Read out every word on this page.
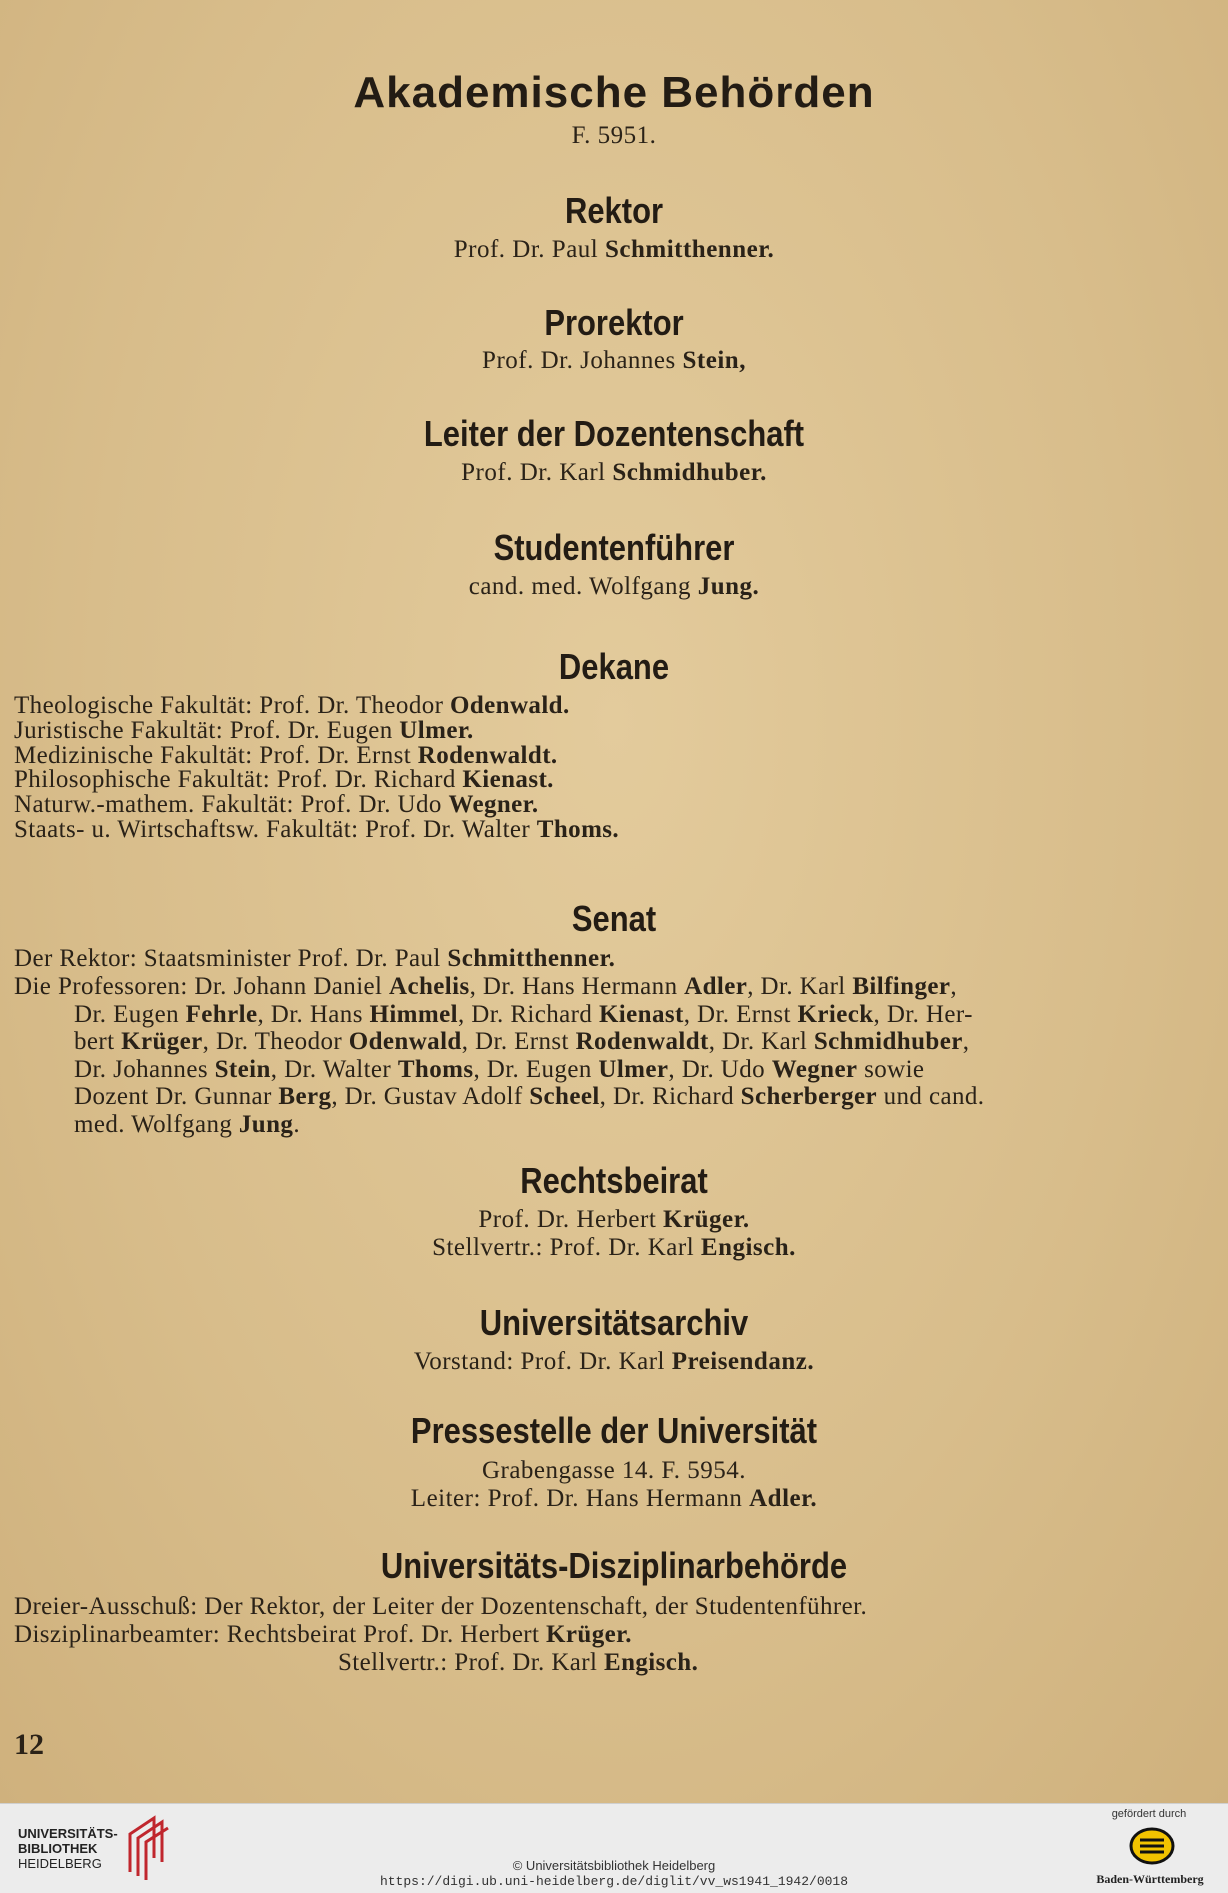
Akademische Behörden
F. 5951.
Rektor
Prof. Dr. Paul Schmitthenner.
Prorektor
Prof. Dr. Johannes Stein,
Leiter der Dozentenschaft
Prof. Dr. Karl Schmidhuber.
Studentenführer
cand. med. Wolfgang Jung.
Dekane
Theologische Fakultät: Prof. Dr. Theodor Odenwald.
Juristische Fakultät: Prof. Dr. Eugen Ulmer.
Medizinische Fakultät: Prof. Dr. Ernst Rodenwaldt.
Philosophische Fakultät: Prof. Dr. Richard Kienast.
Naturw.-mathem. Fakultät: Prof. Dr. Udo Wegner.
Staats- u. Wirtschaftsw. Fakultät: Prof. Dr. Walter Thoms.
Senat
Der Rektor: Staatsminister Prof. Dr. Paul Schmitthenner.
Die Professoren: Dr. Johann Daniel Achelis, Dr. Hans Hermann Adler, Dr. Karl Bilfinger,
Dr. Eugen Fehrle, Dr. Hans Himmel, Dr. Richard Kienast, Dr. Ernst Krieck, Dr. Her-
bert Krüger, Dr. Theodor Odenwald, Dr. Ernst Rodenwaldt, Dr. Karl Schmidhuber,
Dr. Johannes Stein, Dr. Walter Thoms, Dr. Eugen Ulmer, Dr. Udo Wegner sowie
Dozent Dr. Gunnar Berg, Dr. Gustav Adolf Scheel, Dr. Richard Scherberger und cand.
med. Wolfgang Jung.
Rechtsbeirat
Prof. Dr. Herbert Krüger.
Stellvertr.: Prof. Dr. Karl Engisch.
Universitätsarchiv
Vorstand: Prof. Dr. Karl Preisendanz.
Pressestelle der Universität
Grabengasse 14. F. 5954.
Leiter: Prof. Dr. Hans Hermann Adler.
Universitäts-Disziplinarbehörde
Dreier-Ausschuß: Der Rektor, der Leiter der Dozentenschaft, der Studentenführer.
Disziplinarbeamter: Rechtsbeirat Prof. Dr. Herbert Krüger.
Stellvertr.: Prof. Dr. Karl Engisch.
12
UNIVERSITÄTS-
BIBLIOTHEK
HEIDELBERG	© Universitätsbibliothek Heidelberg
https://digi.ub.uni-heidelberg.de/diglit/vv_ws1941_1942/0018
gefördert durch
Baden-Württemberg
